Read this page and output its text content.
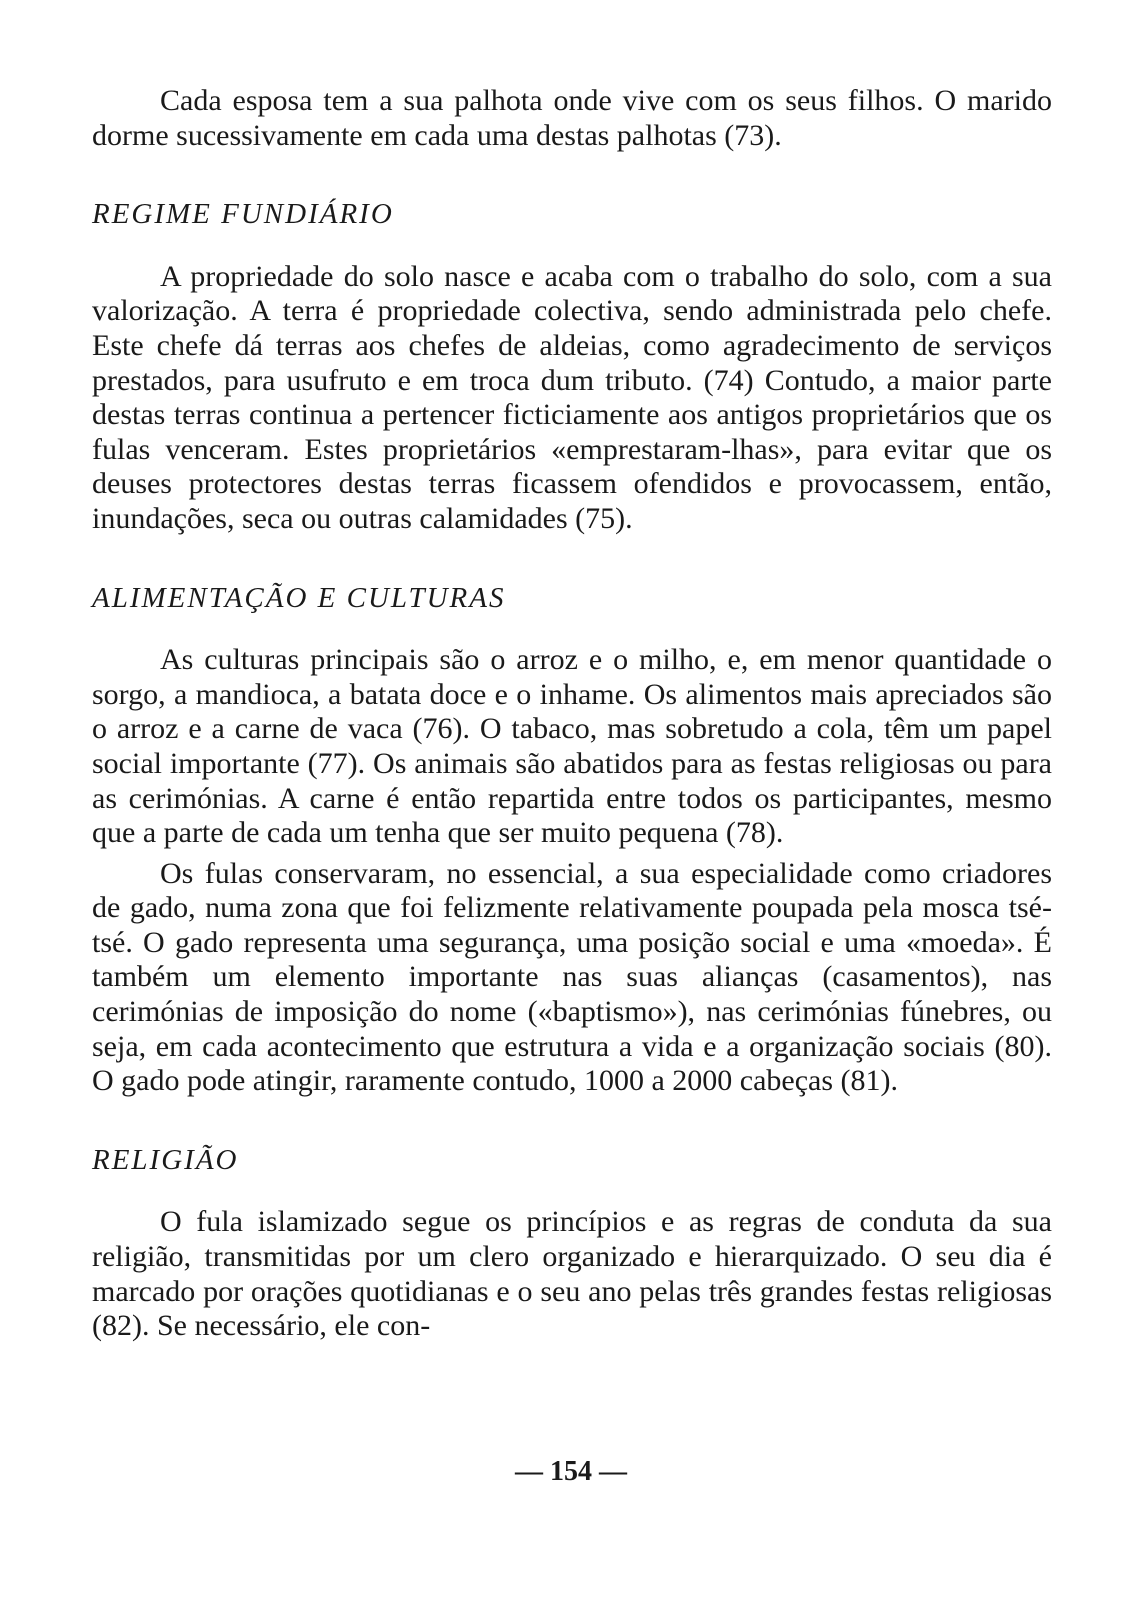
Cada esposa tem a sua palhota onde vive com os seus filhos. O marido dorme sucessivamente em cada uma destas palhotas (73).

REGIME FUNDIÁRIO

A propriedade do solo nasce e acaba com o trabalho do solo, com a sua valorização. A terra é propriedade colectiva, sendo administrada pelo chefe. Este chefe dá terras aos chefes de aldeias, como agradecimento de serviços prestados, para usufruto e em troca dum tributo. (74) Contudo, a maior parte destas terras continua a pertencer ficticiamente aos antigos proprietários que os fulas venceram. Estes proprietários «emprestaram-lhas», para evitar que os deuses protectores destas terras ficassem ofendidos e provocassem, então, inundações, seca ou outras calamidades (75).

ALIMENTAÇÃO E CULTURAS

As culturas principais são o arroz e o milho, e, em menor quantidade o sorgo, a mandioca, a batata doce e o inhame. Os alimentos mais apreciados são o arroz e a carne de vaca (76). O tabaco, mas sobretudo a cola, têm um papel social importante (77). Os animais são abatidos para as festas religiosas ou para as cerimónias. A carne é então repartida entre todos os participantes, mesmo que a parte de cada um tenha que ser muito pequena (78).

Os fulas conservaram, no essencial, a sua especialidade como criadores de gado, numa zona que foi felizmente relativamente poupada pela mosca tsé-tsé. O gado representa uma segurança, uma posição social e uma «moeda». É também um elemento importante nas suas alianças (casamentos), nas cerimónias de imposição do nome («baptismo»), nas cerimónias fúnebres, ou seja, em cada acontecimento que estrutura a vida e a organização sociais (80). O gado pode atingir, raramente contudo, 1000 a 2000 cabeças (81).

RELIGIÃO

O fula islamizado segue os princípios e as regras de conduta da sua religião, transmitidas por um clero organizado e hierarquizado. O seu dia é marcado por orações quotidianas e o seu ano pelas três grandes festas religiosas (82). Se necessário, ele con-

— 154 —
